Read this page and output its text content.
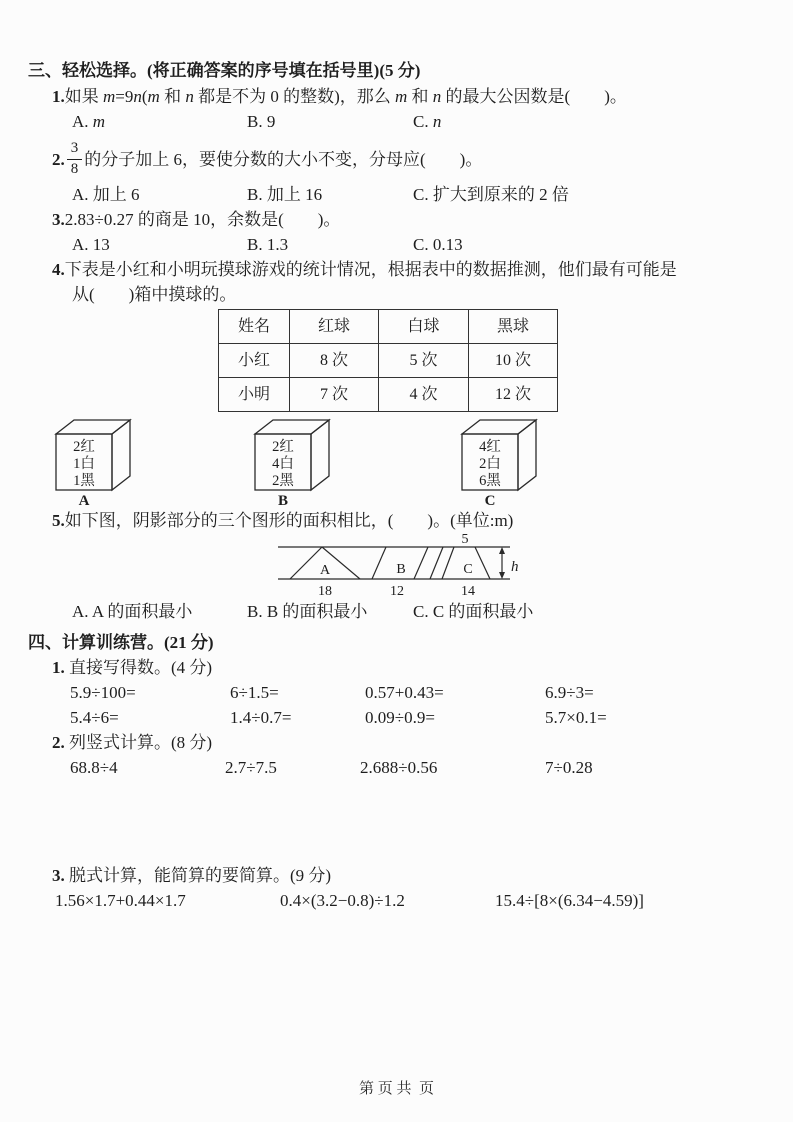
三、轻松选择。(将正确答案的序号填在括号里)(5 分)
1.如果 m=9n(m 和 n 都是不为 0 的整数)，那么 m 和 n 的最大公因数是(　　)。
A. m	B. 9	C. n
2. $\frac{3}{8}$ 的分子加上 6，要使分数的大小不变，分母应(　　)。
A. 加上 6	B. 加上 16	C. 扩大到原来的 2 倍
3.2.83÷0.27 的商是 10，余数是(　　)。
A. 13	B. 1.3	C. 0.13
4.下表是小红和小明玩摸球游戏的统计情况，根据表中的数据推测，他们最有可能是
从(　　)箱中摸球的。
姓名	红球	白球	黑球
小红	8 次	5 次	10 次
小明	7 次	4 次	12 次
2红
1白
1黑
A
2红
4白
2黑
B
4红
2白
6黑
C
5.如下图，阴影部分的三个图形的面积相比，(　　)。(单位:m)
5
A	B	C
18	12	14
h
A. A 的面积最小	B. B 的面积最小	C. C 的面积最小
四、计算训练营。(21 分)
1. 直接写得数。(4 分)
5.9÷100=	6÷1.5=	0.57+0.43=	6.9÷3=
5.4÷6=	1.4÷0.7=	0.09÷0.9=	5.7×0.1=
2. 列竖式计算。(8 分)
68.8÷4	2.7÷7.5	2.688÷0.56	7÷0.28
3. 脱式计算，能简算的要简算。(9 分)
1.56×1.7+0.44×1.7	0.4×(3.2−0.8)÷1.2	15.4÷[8×(6.34−4.59)]
第 页 共  页
